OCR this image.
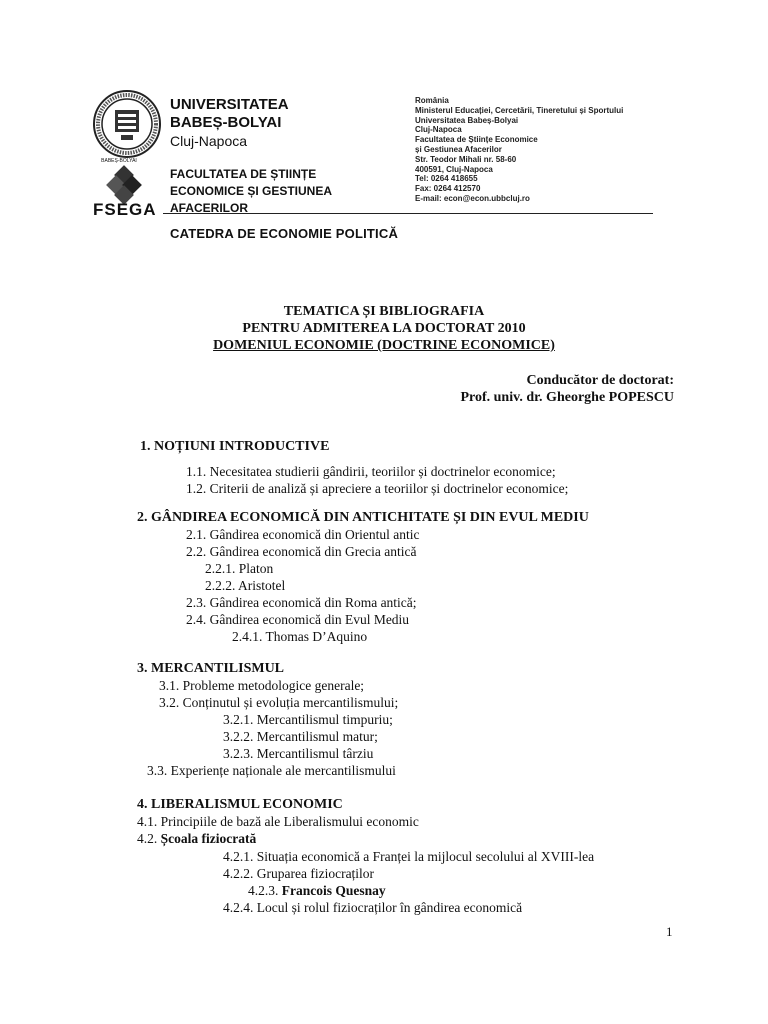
UNIVERSITATEA
BABEȘ-BOLYAI
Cluj-Napoca
BABEȘ-BOLYAI
FSEGA
FACULTATEA DE ȘTIINȚE
ECONOMICE ȘI GESTIUNEA
AFACERILOR
România
Ministerul Educației, Cercetării, Tineretului și Sportului
Universitatea Babeș-Bolyai
Cluj-Napoca
Facultatea de Științe Economice
și Gestiunea Afacerilor
Str. Teodor Mihali nr. 58-60
400591, Cluj-Napoca
Tel: 0264 418655
Fax: 0264 412570
E-mail: econ@econ.ubbcluj.ro
CATEDRA DE ECONOMIE POLITICĂ
TEMATICA ȘI BIBLIOGRAFIA
PENTRU ADMITEREA LA DOCTORAT 2010
DOMENIUL ECONOMIE (DOCTRINE ECONOMICE)
Conducător de doctorat:
Prof. univ. dr. Gheorghe POPESCU
1. NOȚIUNI INTRODUCTIVE
1.1. Necesitatea studierii gândirii, teoriilor și doctrinelor economice;
1.2. Criterii de analiză și apreciere a teoriilor și doctrinelor economice;
2. GÂNDIREA ECONOMICĂ DIN ANTICHITATE ȘI DIN EVUL MEDIU
2.1. Gândirea economică din Orientul antic
2.2. Gândirea economică din Grecia antică
2.2.1. Platon
2.2.2. Aristotel
2.3. Gândirea economică din Roma antică;
2.4. Gândirea economică din Evul Mediu
2.4.1. Thomas D’Aquino
3. MERCANTILISMUL
3.1. Probleme metodologice generale;
3.2. Conținutul și evoluția mercantilismului;
3.2.1. Mercantilismul timpuriu;
3.2.2. Mercantilismul matur;
3.2.3. Mercantilismul târziu
3.3. Experiențe naționale ale mercantilismului
4. LIBERALISMUL ECONOMIC
4.1. Principiile de bază ale Liberalismului economic
4.2. Școala fiziocrată
4.2.1. Situația economică a Franței la mijlocul secolului al XVIII-lea
4.2.2. Gruparea fiziocraților
4.2.3. Francois Quesnay
4.2.4. Locul și rolul fiziocraților în gândirea economică
1
